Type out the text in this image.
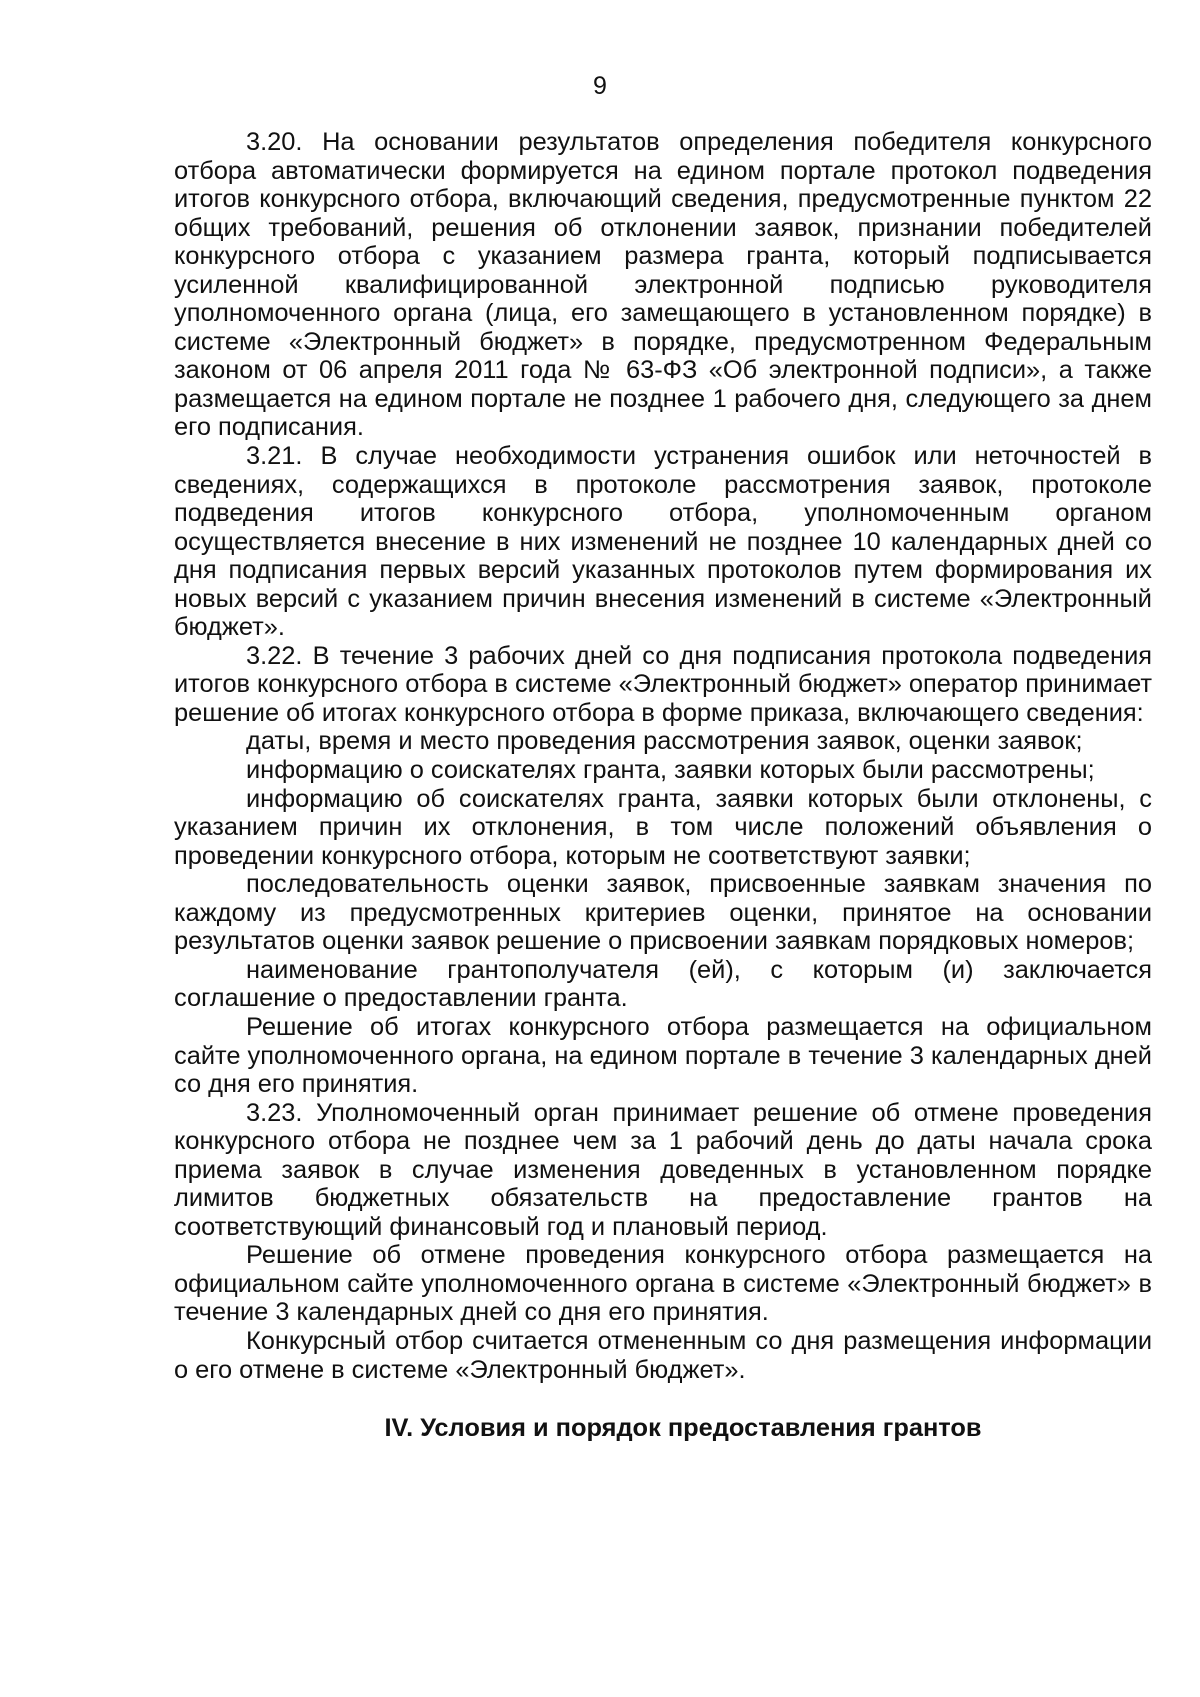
9

3.20. На основании результатов определения победителя конкурсного отбора автоматически формируется на едином портале протокол подведения итогов конкурсного отбора, включающий сведения, предусмотренные пунктом 22 общих требований, решения об отклонении заявок, признании победителей конкурсного отбора с указанием размера гранта, который подписывается усиленной квалифицированной электронной подписью руководителя уполномоченного органа (лица, его замещающего в установленном порядке) в системе «Электронный бюджет» в порядке, предусмотренном Федеральным законом от 06 апреля 2011 года № 63-ФЗ «Об электронной подписи», а также размещается на едином портале не позднее 1 рабочего дня, следующего за днем его подписания.

3.21. В случае необходимости устранения ошибок или неточностей в сведениях, содержащихся в протоколе рассмотрения заявок, протоколе подведения итогов конкурсного отбора, уполномоченным органом осуществляется внесение в них изменений не позднее 10 календарных дней со дня подписания первых версий указанных протоколов путем формирования их новых версий с указанием причин внесения изменений в системе «Электронный бюджет».

3.22. В течение 3 рабочих дней со дня подписания протокола подведения итогов конкурсного отбора в системе «Электронный бюджет» оператор принимает решение об итогах конкурсного отбора в форме приказа, включающего сведения:

даты, время и место проведения рассмотрения заявок, оценки заявок;

информацию о соискателях гранта, заявки которых были рассмотрены;

информацию об соискателях гранта, заявки которых были отклонены, с указанием причин их отклонения, в том числе положений объявления о проведении конкурсного отбора, которым не соответствуют заявки;

последовательность оценки заявок, присвоенные заявкам значения по каждому из предусмотренных критериев оценки, принятое на основании результатов оценки заявок решение о присвоении заявкам порядковых номеров;

наименование грантополучателя (ей), с которым (и) заключается соглашение о предоставлении гранта.

Решение об итогах конкурсного отбора размещается на официальном сайте уполномоченного органа, на едином портале в течение 3 календарных дней со дня его принятия.

3.23. Уполномоченный орган принимает решение об отмене проведения конкурсного отбора не позднее чем за 1 рабочий день до даты начала срока приема заявок в случае изменения доведенных в установленном порядке лимитов бюджетных обязательств на предоставление грантов на соответствующий финансовый год и плановый период.

Решение об отмене проведения конкурсного отбора размещается на официальном сайте уполномоченного органа в системе «Электронный бюджет» в течение 3 календарных дней со дня его принятия.

Конкурсный отбор считается отмененным со дня размещения информации о его отмене в системе «Электронный бюджет».

IV. Условия и порядок предоставления грантов
